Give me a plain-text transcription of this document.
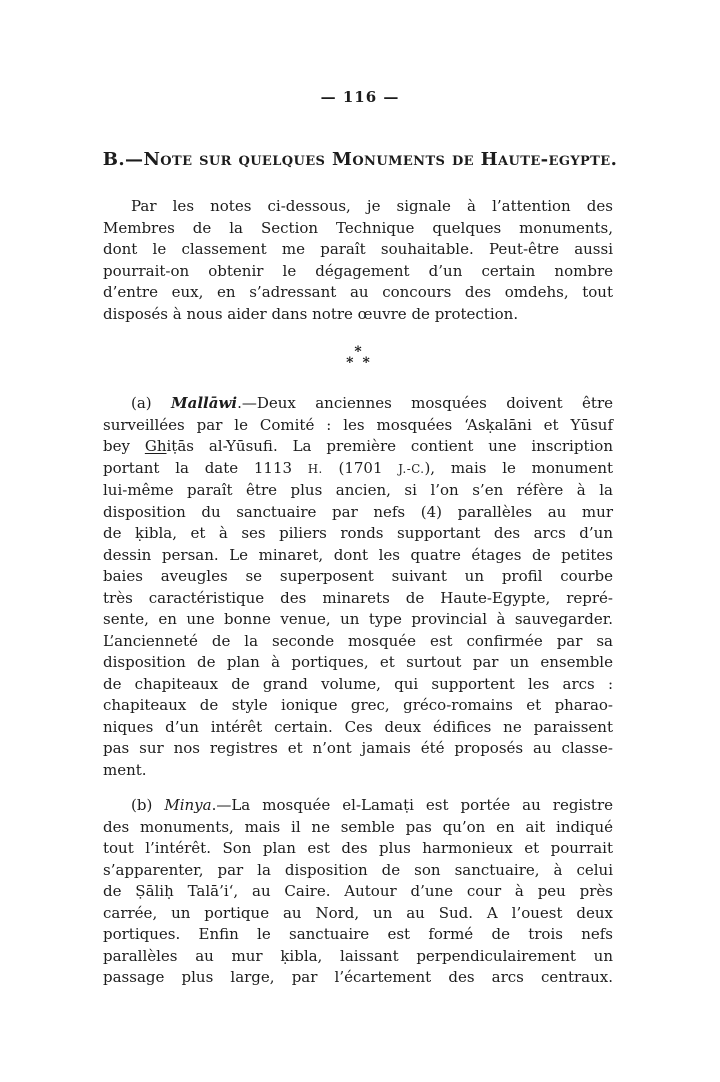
— 116 —
B.—Note sur quelques Monuments de Haute-egypte.
Par les notes ci-dessous, je signale à l’attention des
Membres de la Section Technique quelques monuments,
dont le classement me paraît souhaitable. Peut-être aussi
pourrait-on obtenir le dégagement d’un certain nombre
d’entre eux, en s’adressant au concours des omdehs, tout
disposés à nous aider dans notre œuvre de protection.
*
* *
(a) Mallāwi.—Deux anciennes mosquées doivent être
surveillées par le Comité : les mosquées ‘Asḳalāni et Yūsuf
bey Ghiṭās al-Yūsufi. La première contient une inscription
portant la date 1113 H. (1701 J.-C.), mais le monument
lui-même paraît être plus ancien, si l’on s’en réfère à la
disposition du sanctuaire par nefs (4) parallèles au mur
de ḳibla, et à ses piliers ronds supportant des arcs d’un
dessin persan. Le minaret, dont les quatre étages de petites
baies aveugles se superposent suivant un profil courbe
très caractéristique des minarets de Haute-Egypte, repré-
sente, en une bonne venue, un type provincial à sauvegarder.
L’ancienneté de la seconde mosquée est confirmée par sa
disposition de plan à portiques, et surtout par un ensemble
de chapiteaux de grand volume, qui supportent les arcs :
chapiteaux de style ionique grec, gréco-romains et pharao-
niques d’un intérêt certain. Ces deux édifices ne paraissent
pas sur nos registres et n’ont jamais été proposés au classe-
ment.
(b) Minya.—La mosquée el-Lamaṭi est portée au registre
des monuments, mais il ne semble pas qu’on en ait indiqué
tout l’intérêt. Son plan est des plus harmonieux et pourrait
s’apparenter, par la disposition de son sanctuaire, à celui
de Ṣāliḥ Talā’i‘, au Caire. Autour d’une cour à peu près
carrée, un portique au Nord, un au Sud. A l’ouest deux
portiques. Enfin le sanctuaire est formé de trois nefs
parallèles au mur ḳibla, laissant perpendiculairement un
passage plus large, par l’écartement des arcs centraux.
